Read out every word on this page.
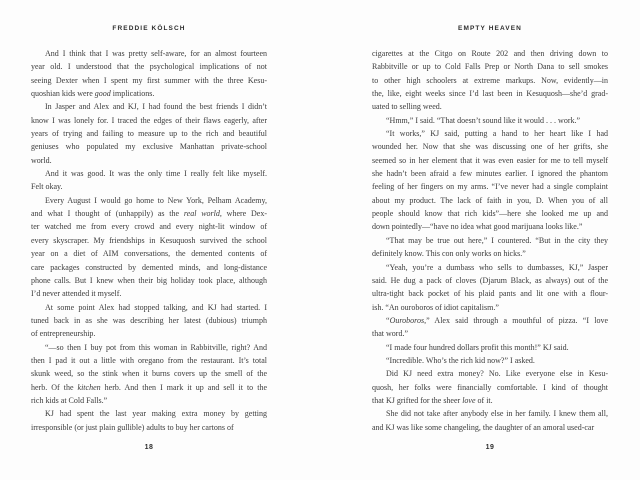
FREDDIE KÖLSCH
And I think that I was pretty self-aware, for an almost fourteen
year old. I understood that the psychological implications of not
seeing Dexter when I spent my first summer with the three Kesu-
quoshian kids were good implications.
In Jasper and Alex and KJ, I had found the best friends I didn’t
know I was lonely for. I traced the edges of their flaws eagerly, after
years of trying and failing to measure up to the rich and beautiful
geniuses who populated my exclusive Manhattan private-school
world.
And it was good. It was the only time I really felt like myself.
Felt okay.
Every August I would go home to New York, Pelham Academy,
and what I thought of (unhappily) as the real world, where Dex-
ter watched me from every crowd and every night-lit window of
every skyscraper. My friendships in Kesuquosh survived the school
year on a diet of AIM conversations, the demented contents of
care packages constructed by demented minds, and long-distance
phone calls. But I knew when their big holiday took place, although
I’d never attended it myself.
At some point Alex had stopped talking, and KJ had started. I
tuned back in as she was describing her latest (dubious) triumph
of entrepreneurship.
“—so then I buy pot from this woman in Rabbitville, right? And
then I pad it out a little with oregano from the restaurant. It’s total
skunk weed, so the stink when it burns covers up the smell of the
herb. Of the kitchen herb. And then I mark it up and sell it to the
rich kids at Cold Falls.”
KJ had spent the last year making extra money by getting
irresponsible (or just plain gullible) adults to buy her cartons of
18
EMPTY HEAVEN
cigarettes at the Citgo on Route 202 and then driving down to
Rabbitville or up to Cold Falls Prep or North Dana to sell smokes
to other high schoolers at extreme markups. Now, evidently—in
the, like, eight weeks since I’d last been in Kesuquosh—she’d grad-
uated to selling weed.
“Hmm,” I said. “That doesn’t sound like it would . . . work.”
“It works,” KJ said, putting a hand to her heart like I had
wounded her. Now that she was discussing one of her grifts, she
seemed so in her element that it was even easier for me to tell myself
she hadn’t been afraid a few minutes earlier. I ignored the phantom
feeling of her fingers on my arms. “I’ve never had a single complaint
about my product. The lack of faith in you, D. When you of all
people should know that rich kids”—here she looked me up and
down pointedly—“have no idea what good marijuana looks like.”
“That may be true out here,” I countered. “But in the city they
definitely know. This con only works on hicks.”
“Yeah, you’re a dumbass who sells to dumbasses, KJ,” Jasper
said. He dug a pack of cloves (Djarum Black, as always) out of the
ultra-tight back pocket of his plaid pants and lit one with a flour-
ish. “An ouroboros of idiot capitalism.”
“Ouroboros,” Alex said through a mouthful of pizza. “I love
that word.”
“I made four hundred dollars profit this month!” KJ said.
“Incredible. Who’s the rich kid now?” I asked.
Did KJ need extra money? No. Like everyone else in Kesu-
quosh, her folks were financially comfortable. I kind of thought
that KJ grifted for the sheer love of it.
She did not take after anybody else in her family. I knew them all,
and KJ was like some changeling, the daughter of an amoral used-car
19
